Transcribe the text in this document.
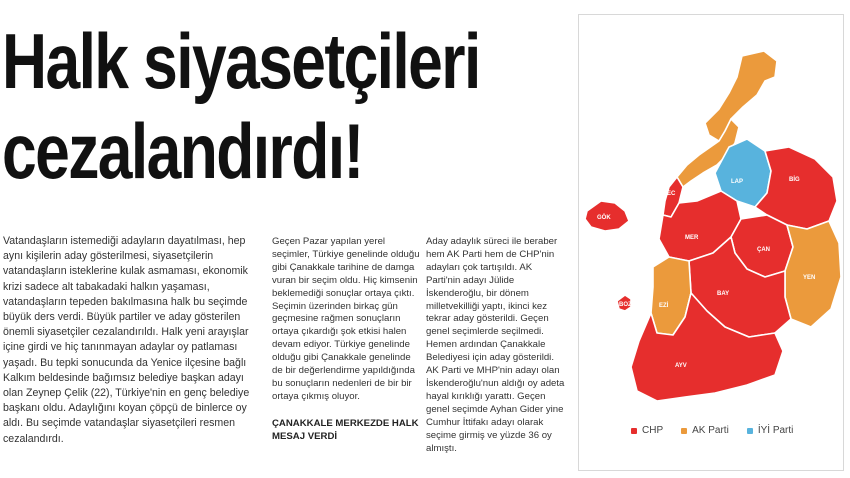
Halk siyasetçileri
cezalandırdı!
Vatandaşların istemediği adayların dayatılması, hep aynı kişilerin aday gösterilmesi, siyasetçilerin vatandaşların isteklerine kulak asmaması, ekonomik krizi sadece alt tabakadaki halkın yaşaması, vatandaşların tepeden bakılmasına halk bu seçimde büyük ders verdi. Büyük partiler ve aday gösterilen önemli siyasetçiler cezalandırıldı. Halk yeni arayışlar içine girdi ve hiç tanınmayan adaylar oy patlaması yaşadı. Bu tepki sonucunda da Yenice ilçesine bağlı Kalkım beldesinde bağımsız belediye başkan adayı olan Zeynep Çelik (22), Türkiye'nin en genç belediye başkanı oldu. Adaylığını koyan çöpçü de binlerce oy aldı. Bu seçimde vatandaşlar siyasetçileri resmen cezalandırdı.
Geçen Pazar yapılan yerel seçimler, Türkiye genelinde olduğu gibi Çanakkale tarihine de damga vuran bir seçim oldu. Hiç kimsenin beklemediği sonuçlar ortaya çıktı. Seçimin üzerinden birkaç gün geçmesine rağmen sonuçların ortaya çıkardığı şok etkisi halen devam ediyor. Türkiye genelinde olduğu gibi Çanakkale genelinde de bir değerlendirme yapıldığında bu sonuçların nedenleri de bir bir ortaya çıkmış oluyor.
ÇANAKKALE MERKEZDE HALK MESAJ VERDİ
Aday adaylık süreci ile beraber hem AK Parti hem de CHP'nin adayları çok tartışıldı. AK Parti'nin adayı Jülide İskenderoğlu, bir dönem milletvekilliği yaptı, ikinci kez tekrar aday gösterildi. Geçen genel seçimlerde seçilmedi. Hemen ardından Çanakkale Belediyesi için aday gösterildi. AK Parti ve MHP'nin adayı olan İskenderoğlu'nun aldığı oy adeta hayal kırıklığı yarattı. Geçen genel seçimde Ayhan Gider yine Cumhur İttifakı adayı olarak seçime girmiş ve yüzde 36 oy almıştı.
LAP	BİG
EC
GÖK
MER
ÇAN
YEN
BAY
BOZ	EZİ
AYV
CHP	AK Parti	İYİ Parti
